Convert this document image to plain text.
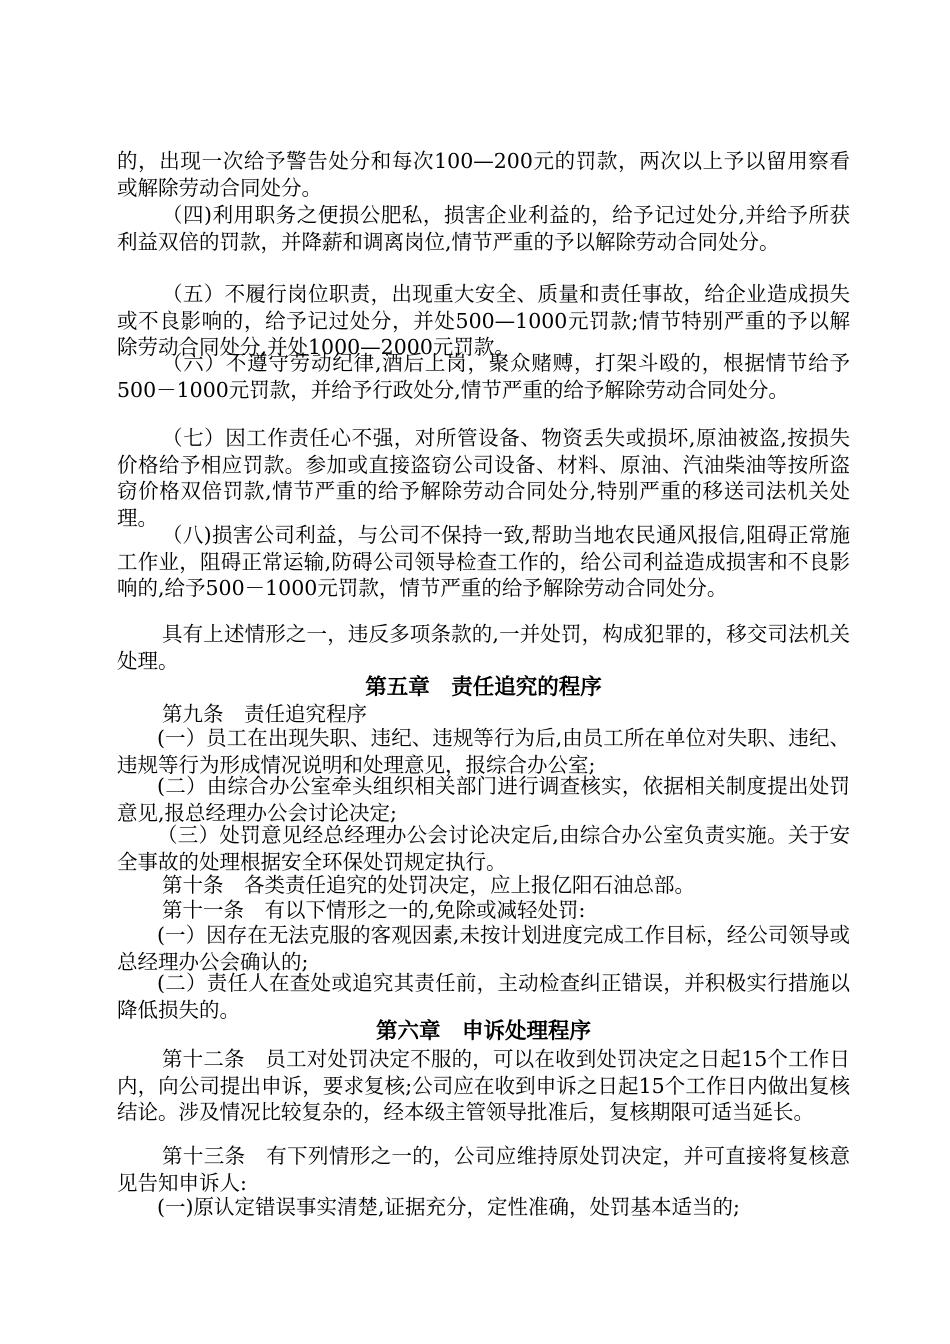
的，出现一次给予警告处分和每次100—200元的罚款，两次以上予以留用察看或解除劳动合同处分。

（四)利用职务之便损公肥私，损害企业利益的，给予记过处分,并给予所获利益双倍的罚款，并降薪和调离岗位,情节严重的予以解除劳动合同处分。

（五）不履行岗位职责，出现重大安全、质量和责任事故，给企业造成损失或不良影响的，给予记过处分，并处500—1000元罚款;情节特别严重的予以解除劳动合同处分,并处1000—2000元罚款。

（六）不遵守劳动纪律,酒后上岗，聚众赌赙，打架斗殴的，根据情节给予500－1000元罚款，并给予行政处分,情节严重的给予解除劳动合同处分。

（七）因工作责任心不强，对所管设备、物资丢失或损坏,原油被盗,按损失价格给予相应罚款。参加或直接盗窃公司设备、材料、原油、汽油柴油等按所盗窃价格双倍罚款,情节严重的给予解除劳动合同处分,特别严重的移送司法机关处理。

（八)损害公司利益，与公司不保持一致,帮助当地农民通风报信,阻碍正常施工作业，阻碍正常运输,防碍公司领导检查工作的，给公司利益造成损害和不良影响的,给予500－1000元罚款，情节严重的给予解除劳动合同处分。

具有上述情形之一，违反多项条款的,一并处罚，构成犯罪的，移交司法机关处理。

第五章　责任追究的程序

第九条　责任追究程序

(一）员工在出现失职、违纪、违规等行为后,由员工所在单位对失职、违纪、违规等行为形成情况说明和处理意见，报综合办公室;

(二）由综合办公室牵头组织相关部门进行调查核实，依据相关制度提出处罚意见,报总经理办公会讨论决定;

（三）处罚意见经总经理办公会讨论决定后,由综合办公室负责实施。关于安全事故的处理根据安全环保处罚规定执行。

第十条　各类责任追究的处罚决定，应上报亿阳石油总部。

第十一条　有以下情形之一的,免除或减轻处罚:

(一）因存在无法克服的客观因素,未按计划进度完成工作目标，经公司领导或总经理办公会确认的;

(二）责任人在查处或追究其责任前，主动检查纠正错误，并积极实行措施以降低损失的。

第六章　申诉处理程序

第十二条　员工对处罚决定不服的，可以在收到处罚决定之日起15个工作日内，向公司提出申诉，要求复核;公司应在收到申诉之日起15个工作日内做出复核结论。涉及情况比较复杂的，经本级主管领导批准后，复核期限可适当延长。

第十三条　有下列情形之一的，公司应维持原处罚决定，并可直接将复核意见告知申诉人:

(一)原认定错误事实清楚,证据充分，定性准确，处罚基本适当的;
